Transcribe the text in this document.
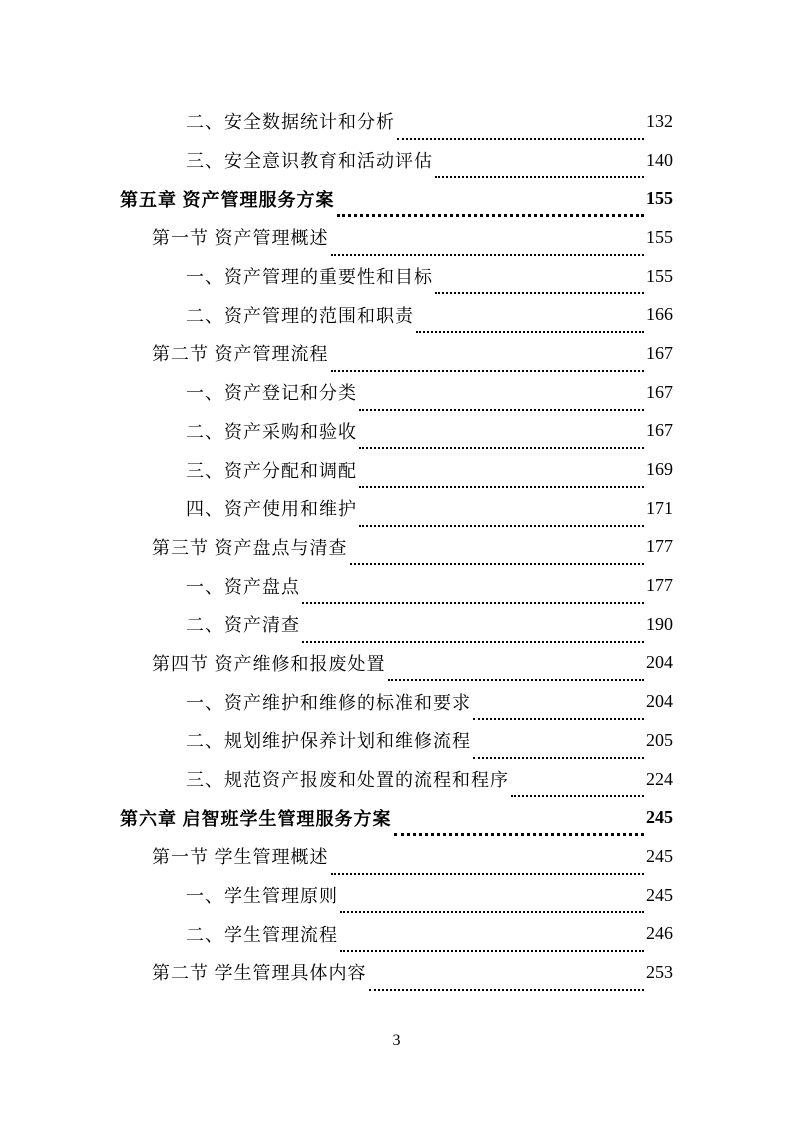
二、安全数据统计和分析	132
三、安全意识教育和活动评估	140
第五章 资产管理服务方案	155
第一节 资产管理概述	155
一、资产管理的重要性和目标	155
二、资产管理的范围和职责	166
第二节 资产管理流程	167
一、资产登记和分类	167
二、资产采购和验收	167
三、资产分配和调配	169
四、资产使用和维护	171
第三节 资产盘点与清查	177
一、资产盘点	177
二、资产清查	190
第四节 资产维修和报废处置	204
一、资产维护和维修的标准和要求	204
二、规划维护保养计划和维修流程	205
三、规范资产报废和处置的流程和程序	224
第六章 启智班学生管理服务方案	245
第一节 学生管理概述	245
一、学生管理原则	245
二、学生管理流程	246
第二节 学生管理具体内容	253
3
